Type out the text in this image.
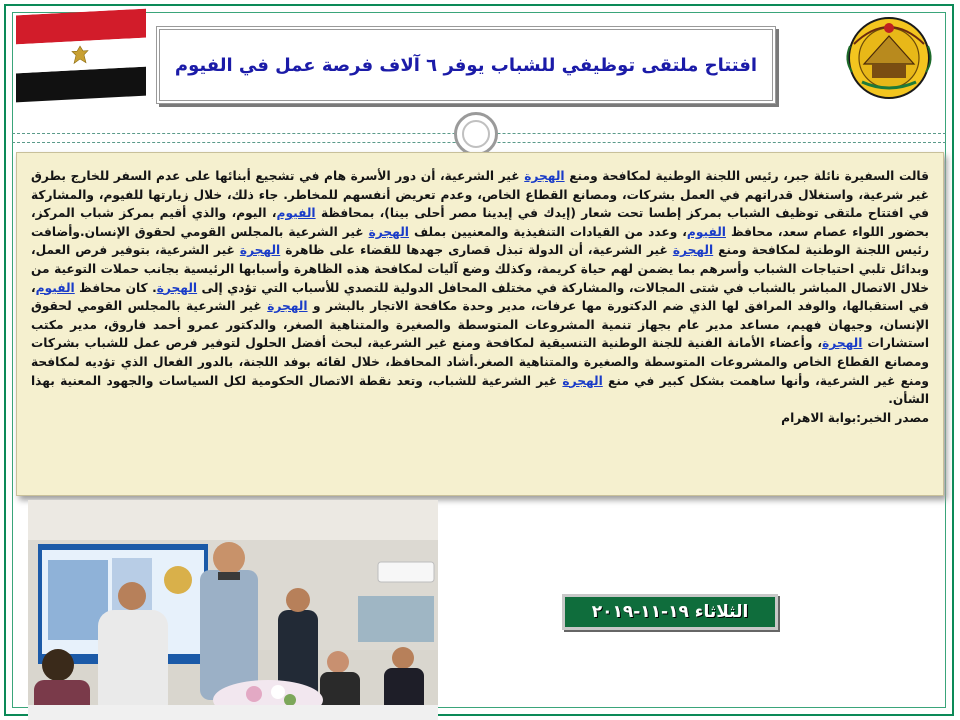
افتتاح ملتقى توظيفي للشباب يوفر ٦ آلاف فرصة عمل في الفيوم

قالت السفيرة نائلة جبر، رئيس اللجنة الوطنية لمكافحة ومنع الهجرة غير الشرعية، أن دور الأسرة هام في تشجيع أبنائها على عدم السفر للخارج بطرق غير شرعية، واستغلال قدراتهم في العمل بشركات، ومصانع القطاع الخاص، وعدم تعريض أنفسهم للمخاطر. جاء ذلك، خلال زيارتها للفيوم، والمشاركة في افتتاح ملتقى توظيف الشباب بمركز إطسا تحت شعار (إيدك في إيدينا مصر أحلى بينا)، بمحافظة الفيوم، اليوم، والذي أقيم بمركز شباب المركز، بحضور اللواء عصام سعد، محافظ الفيوم، وعدد من القيادات التنفيذية والمعنيين بملف الهجرة غير الشرعية بالمجلس القومي لحقوق الإنسان.وأضافت رئيس اللجنة الوطنية لمكافحة ومنع الهجرة غير الشرعية، أن الدولة تبذل قصارى جهدها للقضاء على ظاهرة الهجرة غير الشرعية، بتوفير فرص العمل، وبدائل تلبي احتياجات الشباب وأسرهم بما يضمن لهم حياة كريمة، وكذلك وضع آليات لمكافحة هذه الظاهرة وأسبابها الرئيسية بجانب حملات التوعية من خلال الاتصال المباشر بالشباب في شتى المجالات، والمشاركة في مختلف المحافل الدولية للتصدي للأسباب التي تؤدي إلى الهجرة. كان محافظ الفيوم، في استقبالها، والوفد المرافق لها الذي ضم الدكتورة مها عرفات، مدير وحدة مكافحة الاتجار بالبشر و الهجرة غير الشرعية بالمجلس القومي لحقوق الإنسان، وجيهان فهيم، مساعد مدير عام بجهاز تنمية المشروعات المتوسطة والصغيرة والمتناهية الصغر، والدكتور عمرو أحمد فاروق، مدير مكتب استشارات الهجرة، وأعضاء الأمانة الفنية للجنة الوطنية التنسيقية لمكافحة ومنع غير الشرعية، لبحث أفضل الحلول لتوفير فرص عمل للشباب بشركات ومصانع القطاع الخاص والمشروعات المتوسطة والصغيرة والمتناهية الصغر.أشاد المحافظ، خلال لقائه بوفد اللجنة، بالدور الفعال الذي تؤديه لمكافحة ومنع غير الشرعية، وأنها ساهمت بشكل كبير في منع الهجرة غير الشرعية للشباب، وتعد نقطة الاتصال الحكومية لكل السياسات والجهود المعنية بهذا الشأن.

مصدر الخبر:بوابة الاهرام
الثلاثاء ١٩-١١-٢٠١٩
